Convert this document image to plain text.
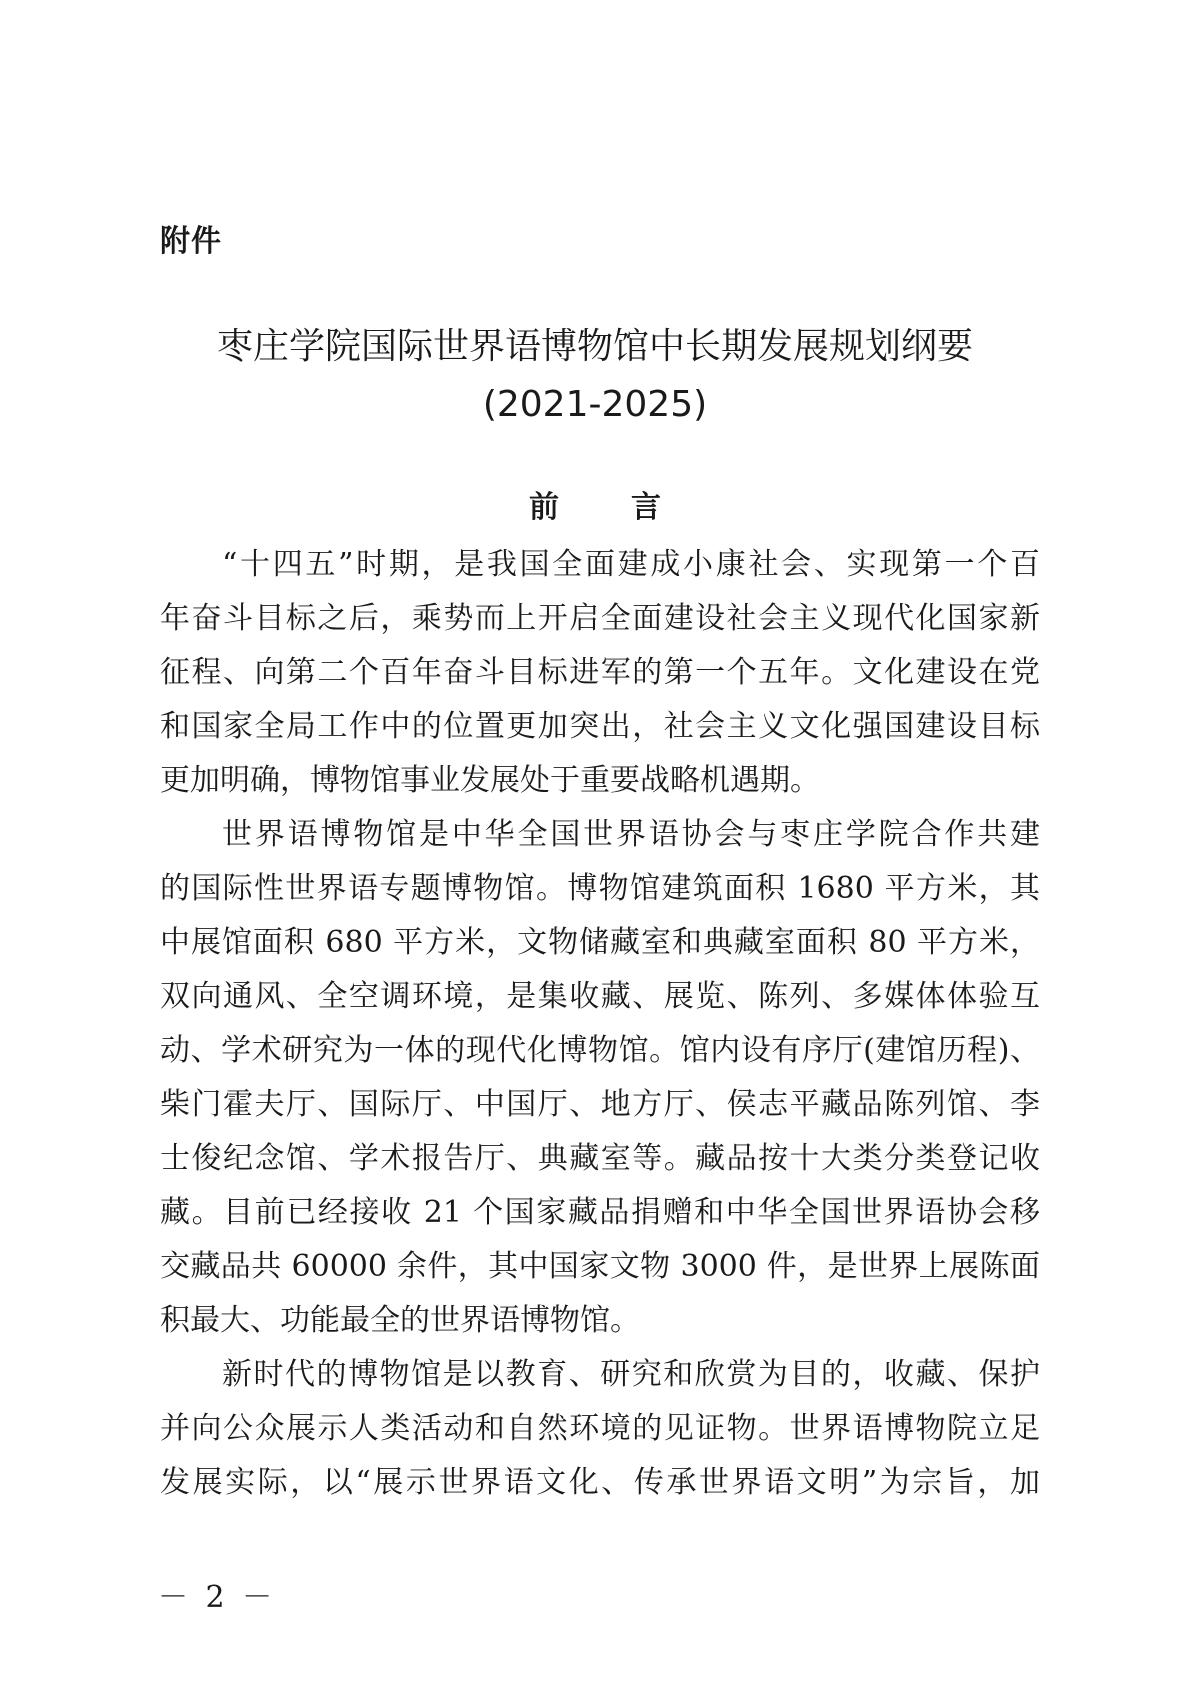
附件
枣庄学院国际世界语博物馆中长期发展规划纲要
(2021-2025)
前言
“十四五”时期，是我国全面建成小康社会、实现第一个百
年奋斗目标之后，乘势而上开启全面建设社会主义现代化国家新
征程、向第二个百年奋斗目标进军的第一个五年。文化建设在党
和国家全局工作中的位置更加突出，社会主义文化强国建设目标
更加明确，博物馆事业发展处于重要战略机遇期。
世界语博物馆是中华全国世界语协会与枣庄学院合作共建
的国际性世界语专题博物馆。博物馆建筑面积 1680 平方米，其
中展馆面积 680 平方米，文物储藏室和典藏室面积 80 平方米，
双向通风、全空调环境，是集收藏、展览、陈列、多媒体体验互
动、学术研究为一体的现代化博物馆。馆内设有序厅(建馆历程)、
柴门霍夫厅、国际厅、中国厅、地方厅、侯志平藏品陈列馆、李
士俊纪念馆、学术报告厅、典藏室等。藏品按十大类分类登记收
藏。目前已经接收 21 个国家藏品捐赠和中华全国世界语协会移
交藏品共 60000 余件，其中国家文物 3000 件，是世界上展陈面
积最大、功能最全的世界语博物馆。
新时代的博物馆是以教育、研究和欣赏为目的，收藏、保护
并向公众展示人类活动和自然环境的见证物。世界语博物院立足
发展实际，以“展示世界语文化、传承世界语文明”为宗旨，加
－ 2 －
